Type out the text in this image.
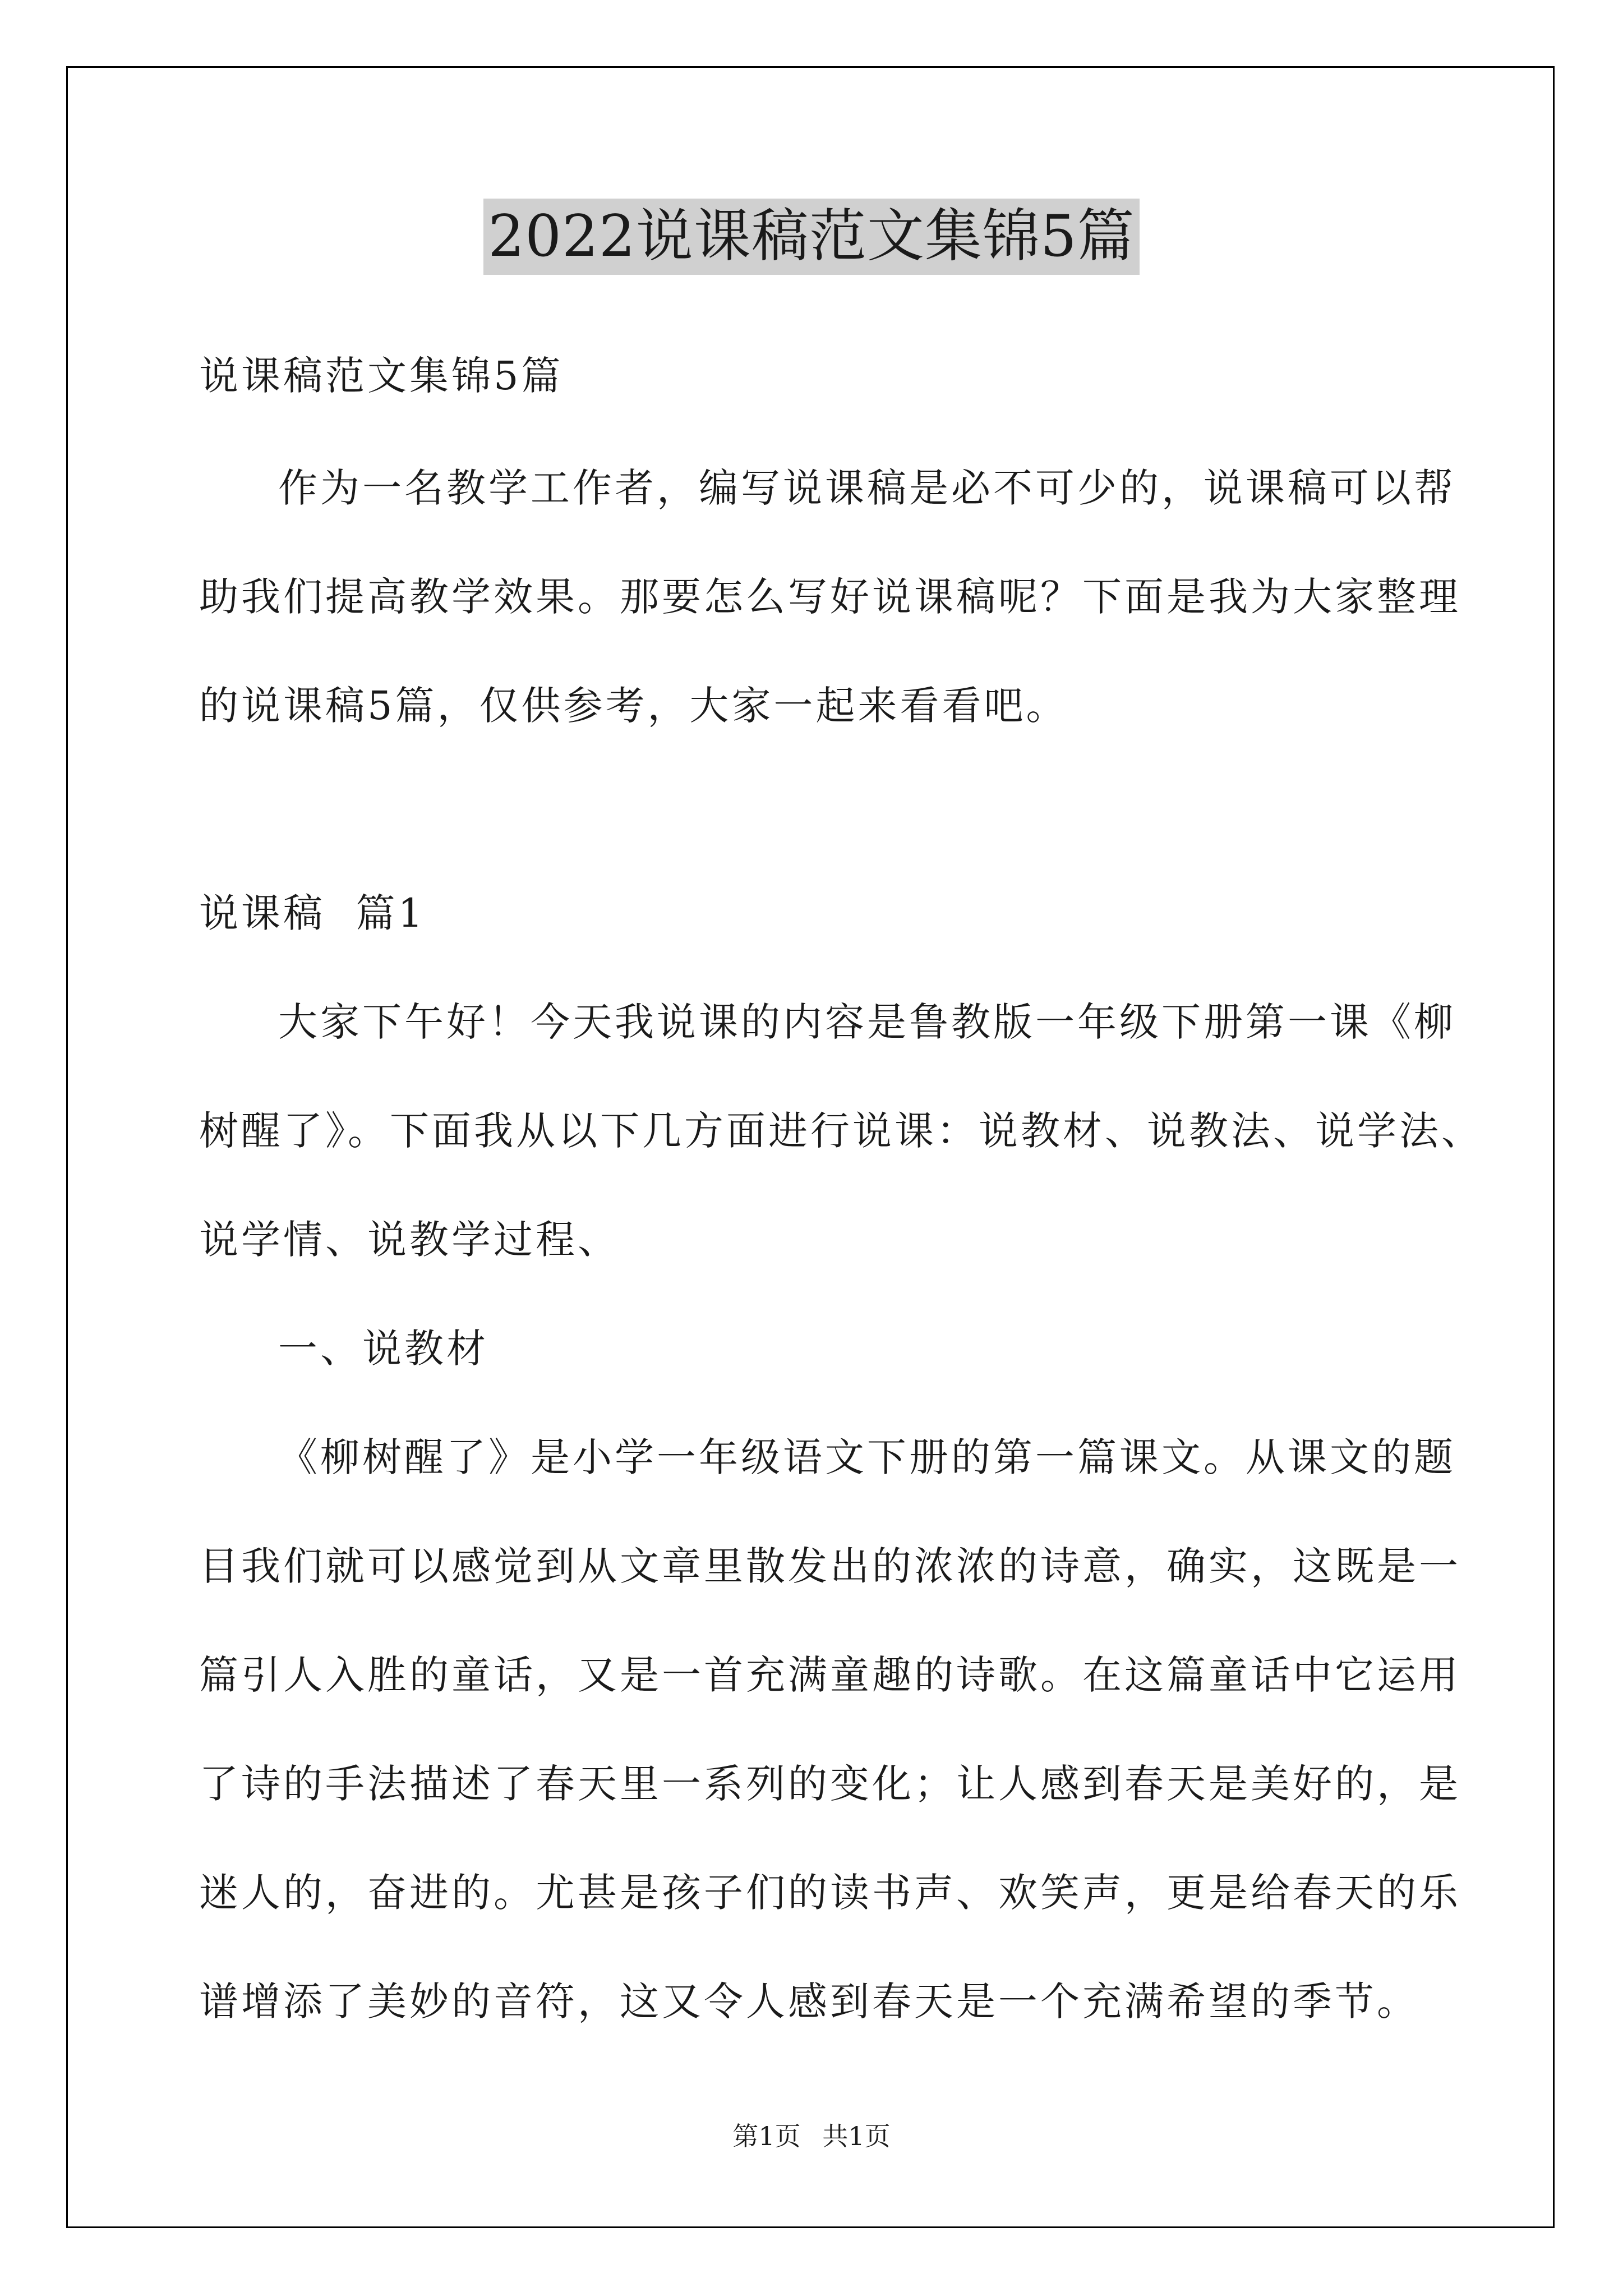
2022说课稿范文集锦5篇
说课稿范文集锦5篇
作为一名教学工作者，编写说课稿是必不可少的，说课稿可以帮
助我们提高教学效果。那要怎么写好说课稿呢？下面是我为大家整理
的说课稿5篇，仅供参考，大家一起来看看吧。
说课稿  篇1
大家下午好！今天我说课的内容是鲁教版一年级下册第一课《柳
树醒了》。下面我从以下几方面进行说课：说教材、说教法、说学法、
说学情、说教学过程、
一、说教材
《柳树醒了》是小学一年级语文下册的第一篇课文。从课文的题
目我们就可以感觉到从文章里散发出的浓浓的诗意，确实，这既是一
篇引人入胜的童话，又是一首充满童趣的诗歌。在这篇童话中它运用
了诗的手法描述了春天里一系列的变化；让人感到春天是美好的，是
迷人的，奋进的。尤甚是孩子们的读书声、欢笑声，更是给春天的乐
谱增添了美妙的音符，这又令人感到春天是一个充满希望的季节。
第1页 共1页
